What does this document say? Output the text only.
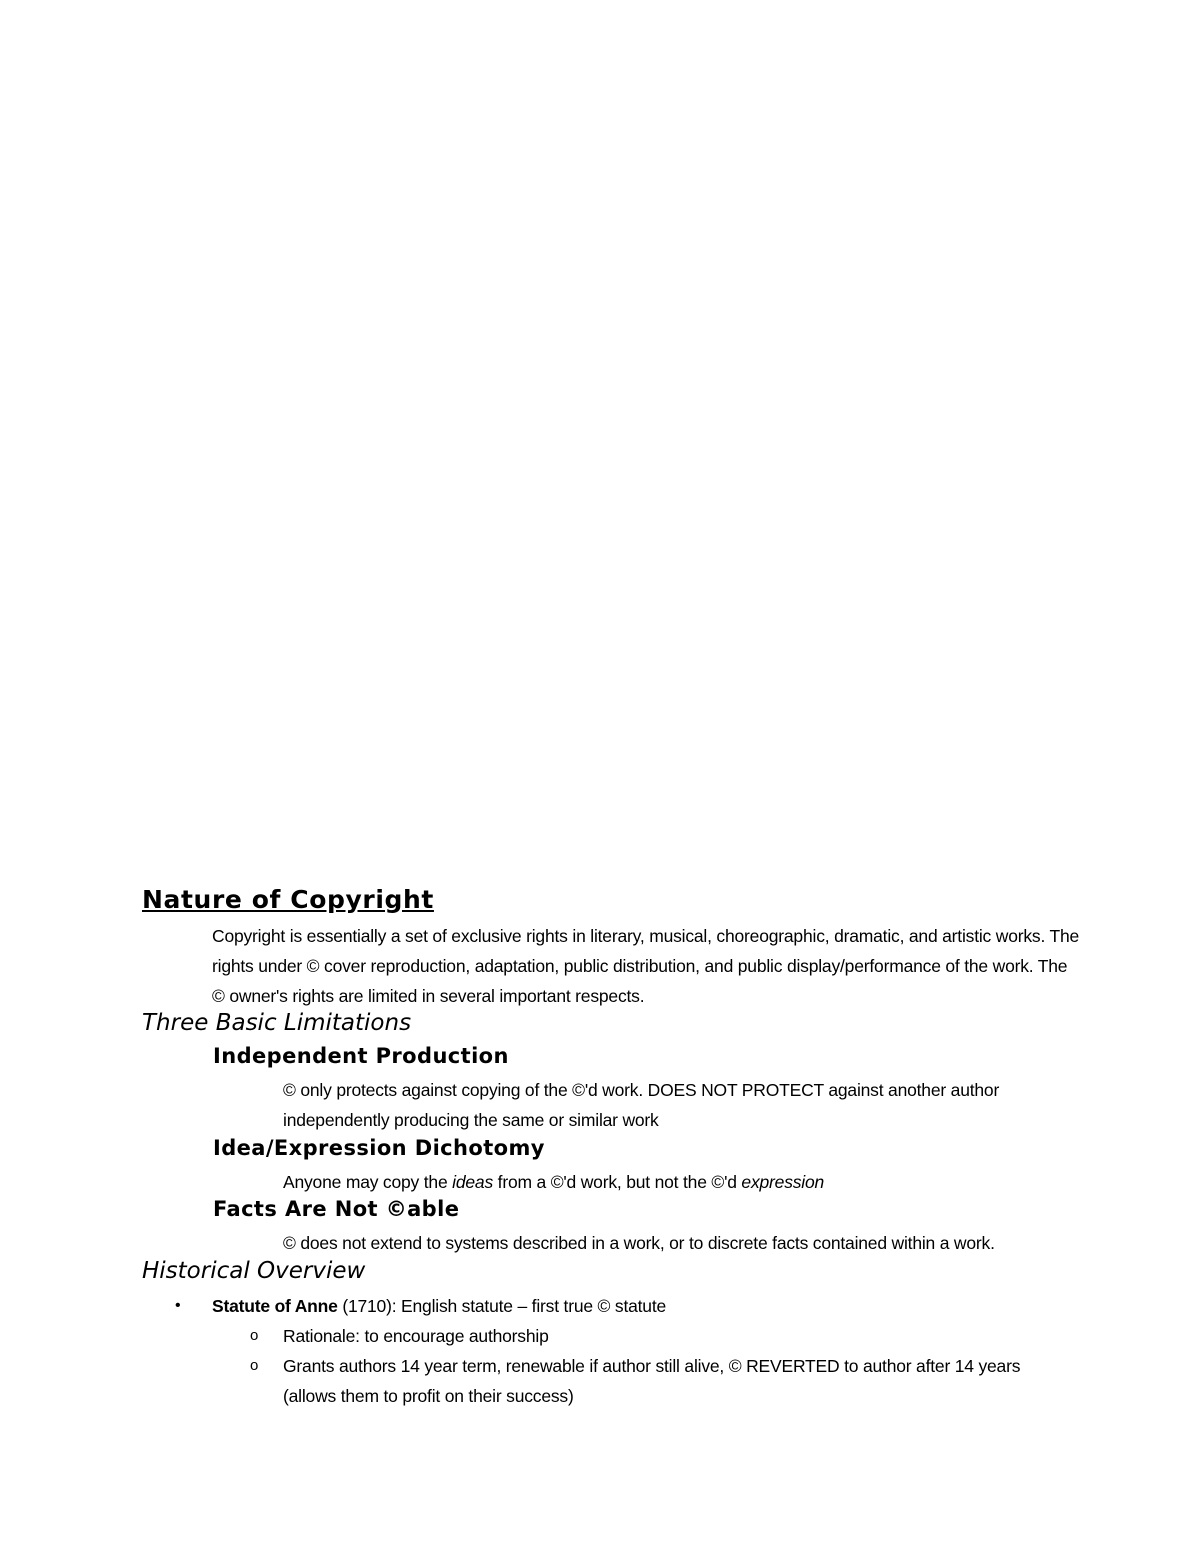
Nature of Copyright
Copyright is essentially a set of exclusive rights in literary, musical, choreographic, dramatic, and artistic works. The rights under © cover reproduction, adaptation, public distribution, and public display/performance of the work. The © owner's rights are limited in several important respects.
Three Basic Limitations
Independent Production
© only protects against copying of the ©'d work. DOES NOT PROTECT against another author independently producing the same or similar work
Idea/Expression Dichotomy
Anyone may copy the ideas from a ©'d work, but not the ©'d expression
Facts Are Not ©able
© does not extend to systems described in a work, or to discrete facts contained within a work.
Historical Overview
•	Statute of Anne (1710): English statute – first true © statute
o	Rationale: to encourage authorship
o	Grants authors 14 year term, renewable if author still alive, © REVERTED to author after 14 years (allows them to profit on their success)
